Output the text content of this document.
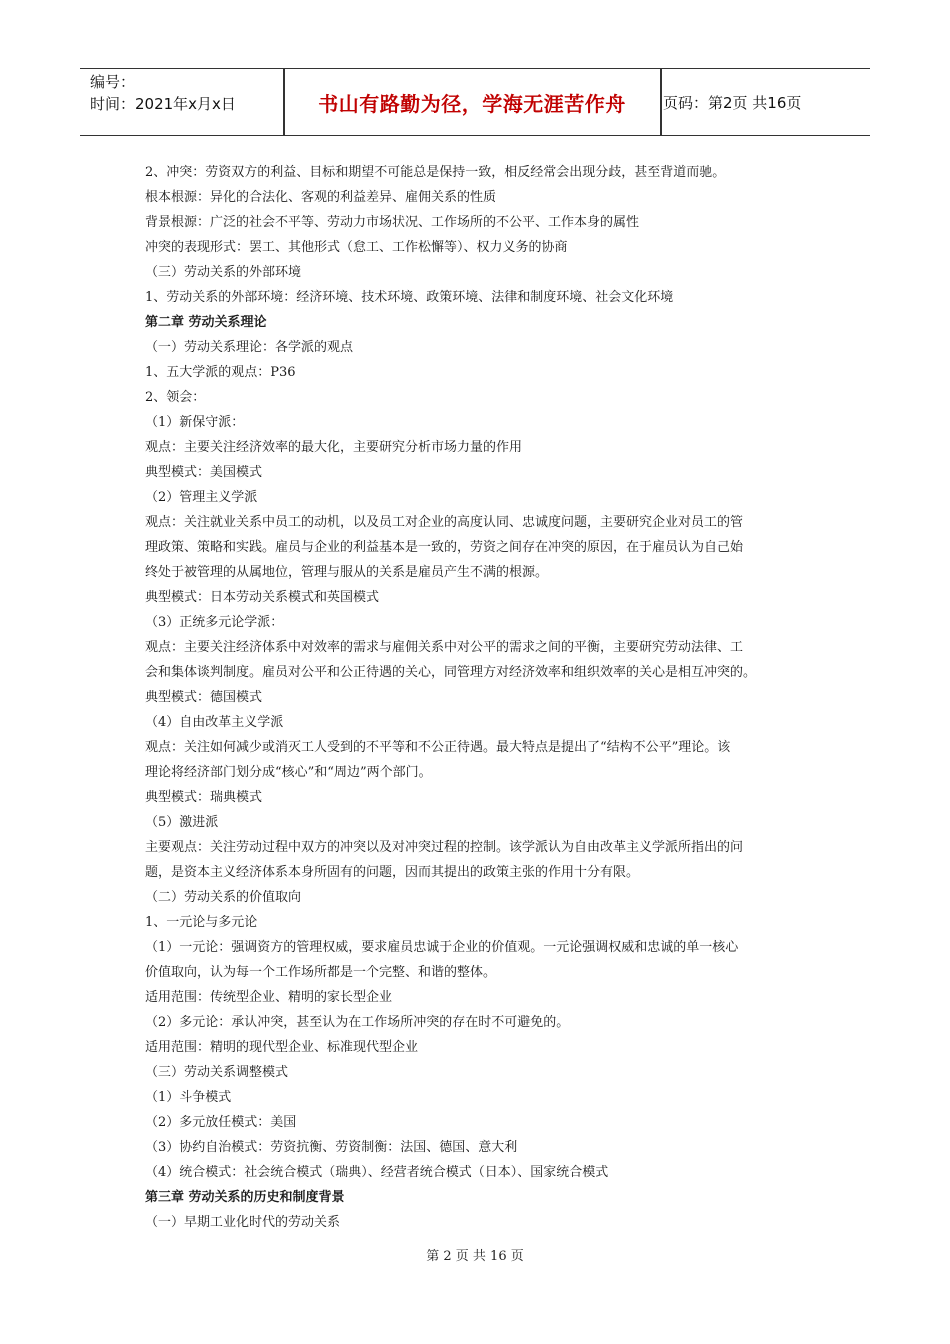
编号：
时间：2021年x月x日	书山有路勤为径，学海无涯苦作舟	页码：第2页 共16页
2、冲突：劳资双方的利益、目标和期望不可能总是保持一致，相反经常会出现分歧，甚至背道而驰。
根本根源：异化的合法化、客观的利益差异、雇佣关系的性质
背景根源：广泛的社会不平等、劳动力市场状况、工作场所的不公平、工作本身的属性
冲突的表现形式：罢工、其他形式（怠工、工作松懈等）、权力义务的协商
（三）劳动关系的外部环境
1、劳动关系的外部环境：经济环境、技术环境、政策环境、法律和制度环境、社会文化环境
第二章 劳动关系理论
（一）劳动关系理论：各学派的观点
1、五大学派的观点：P36
2、领会：
（1）新保守派：
观点：主要关注经济效率的最大化，主要研究分析市场力量的作用
典型模式：美国模式
（2）管理主义学派
观点：关注就业关系中员工的动机，以及员工对企业的高度认同、忠诚度问题，主要研究企业对员工的管
理政策、策略和实践。雇员与企业的利益基本是一致的，劳资之间存在冲突的原因，在于雇员认为自己始
终处于被管理的从属地位，管理与服从的关系是雇员产生不满的根源。
典型模式：日本劳动关系模式和英国模式
（3）正统多元论学派：
观点：主要关注经济体系中对效率的需求与雇佣关系中对公平的需求之间的平衡，主要研究劳动法律、工
会和集体谈判制度。雇员对公平和公正待遇的关心，同管理方对经济效率和组织效率的关心是相互冲突的。
典型模式：德国模式
（4）自由改革主义学派
观点：关注如何减少或消灭工人受到的不平等和不公正待遇。最大特点是提出了“结构不公平”理论。该
理论将经济部门划分成“核心”和“周边”两个部门。
典型模式：瑞典模式
（5）激进派
主要观点：关注劳动过程中双方的冲突以及对冲突过程的控制。该学派认为自由改革主义学派所指出的问
题，是资本主义经济体系本身所固有的问题，因而其提出的政策主张的作用十分有限。
（二）劳动关系的价值取向
1、一元论与多元论
（1）一元论：强调资方的管理权威，要求雇员忠诚于企业的价值观。一元论强调权威和忠诚的单一核心
价值取向，认为每一个工作场所都是一个完整、和谐的整体。
适用范围：传统型企业、精明的家长型企业
（2）多元论：承认冲突，甚至认为在工作场所冲突的存在时不可避免的。
适用范围：精明的现代型企业、标准现代型企业
（三）劳动关系调整模式
（1）斗争模式
（2）多元放任模式：美国
（3）协约自治模式：劳资抗衡、劳资制衡：法国、德国、意大利
（4）统合模式：社会统合模式（瑞典）、经营者统合模式（日本）、国家统合模式
第三章 劳动关系的历史和制度背景
（一）早期工业化时代的劳动关系
第 2 页 共 16 页
